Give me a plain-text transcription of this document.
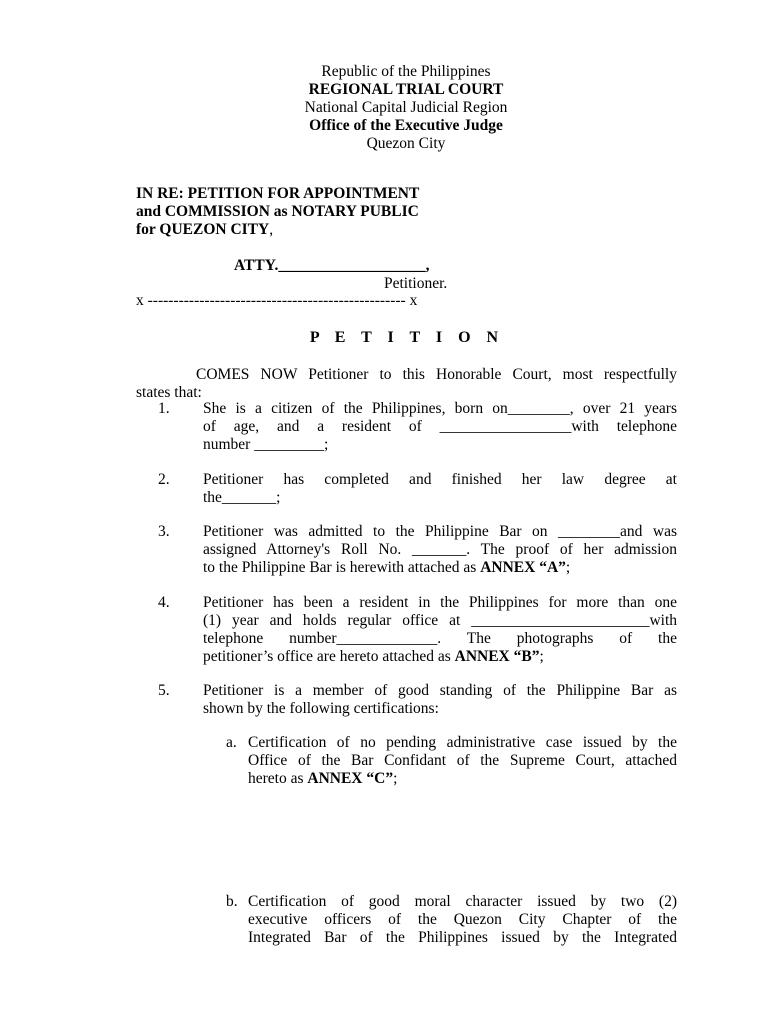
Republic of the Philippines
REGIONAL TRIAL COURT
National Capital Judicial Region
Office of the Executive Judge
Quezon City
IN RE: PETITION FOR APPOINTMENT
and COMMISSION as NOTARY PUBLIC
for QUEZON CITY,
ATTY.___________________,
Petitioner.
x -------------------------------------------------- x
P E T I T I O N
COMES NOW Petitioner to this Honorable Court, most respectfully
states that:
1.	She is a citizen of the Philippines, born on________, over 21 years
of age, and a resident of _________________with telephone
number _________;
2.	Petitioner has completed and finished her law degree at
the_______;
3.	Petitioner was admitted to the Philippine Bar on ________and was
assigned Attorney's Roll No. _______. The proof of her admission
to the Philippine Bar is herewith attached as ANNEX “A”;
4.	Petitioner has been a resident in the Philippines for more than one
(1) year and holds regular office at _______________________with
telephone number_____________. The photographs of the
petitioner’s office are hereto attached as ANNEX “B”;
5.	Petitioner is a member of good standing of the Philippine Bar as
shown by the following certifications:
a. Certification of no pending administrative case issued by the
Office of the Bar Confidant of the Supreme Court, attached
hereto as ANNEX “C”;
b. Certification of good moral character issued by two (2)
executive officers of the Quezon City Chapter of the
Integrated Bar of the Philippines issued by the Integrated
